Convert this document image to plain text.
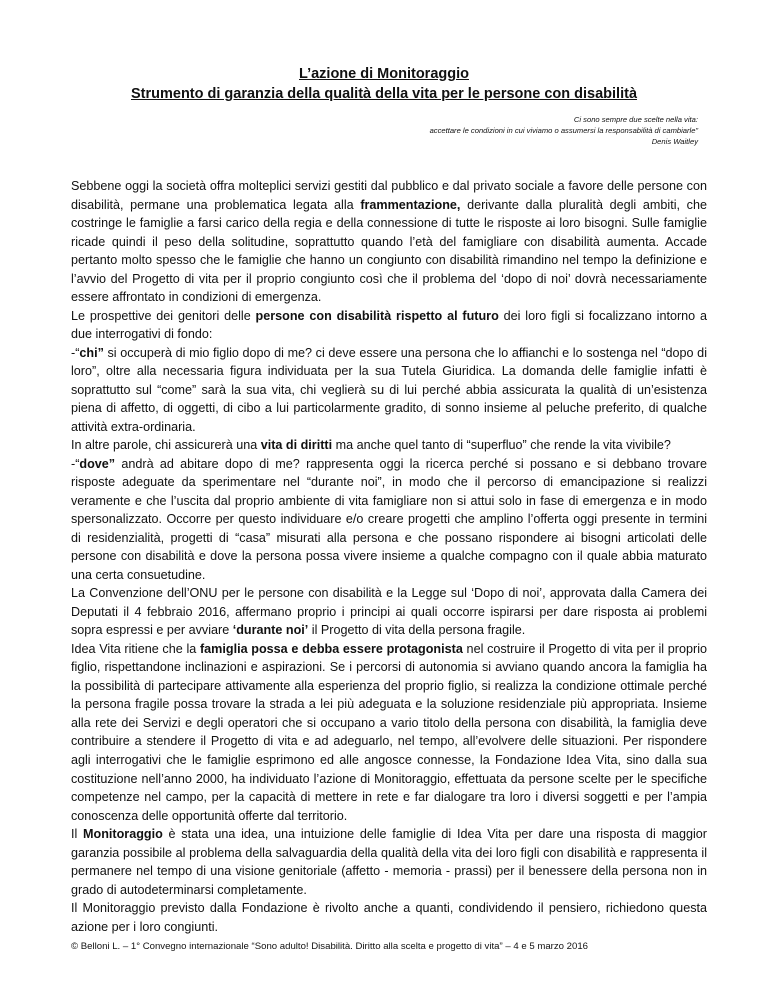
L’azione di Monitoraggio
Strumento di garanzia della qualità della vita per le persone con disabilità
Ci sono sempre due scelte nella vita:
accettare le condizioni in cui viviamo o assumersi la responsabilità di cambiarle”
Denis Waitley

Sebbene oggi la società offra molteplici servizi gestiti dal pubblico e dal privato sociale a favore delle persone con disabilità, permane una problematica legata alla frammentazione, derivante dalla pluralità degli ambiti, che costringe le famiglie a farsi carico della regia e della connessione di tutte le risposte ai loro bisogni. Sulle famiglie ricade quindi il peso della solitudine, soprattutto quando l’età del famigliare con disabilità aumenta. Accade pertanto molto spesso che le famiglie che hanno un congiunto con disabilità rimandino nel tempo la definizione e l’avvio del Progetto di vita per il proprio congiunto così che il problema del ‘dopo di noi’ dovrà necessariamente essere affrontato in condizioni di emergenza.

Le prospettive dei genitori delle persone con disabilità rispetto al futuro dei loro figli si focalizzano intorno a due interrogativi di fondo:

-“chi” si occuperà di mio figlio dopo di me? ci deve essere una persona che lo affianchi e lo sostenga nel “dopo di loro”, oltre alla necessaria figura individuata per la sua Tutela Giuridica. La domanda delle famiglie infatti è soprattutto sul “come” sarà la sua vita, chi veglierà su di lui perché abbia assicurata la qualità di un’esistenza piena di affetto, di oggetti, di cibo a lui particolarmente gradito, di sonno insieme al peluche preferito, di qualche attività extra-ordinaria.

In altre parole, chi assicurerà una vita di diritti ma anche quel tanto di “superfluo” che rende la vita vivibile?

-“dove” andrà ad abitare dopo di me? rappresenta oggi la ricerca perché si possano e si debbano trovare risposte adeguate da sperimentare nel “durante noi”, in modo che il percorso di emancipazione si realizzi veramente e che l’uscita dal proprio ambiente di vita famigliare non si attui solo in fase di emergenza e in modo spersonalizzato. Occorre per questo individuare e/o creare progetti che amplino l’offerta oggi presente in termini di residenzialità, progetti di “casa” misurati alla persona e che possano rispondere ai bisogni articolati delle persone con disabilità e dove la persona possa vivere insieme a qualche compagno con il quale abbia maturato una certa consuetudine.

La Convenzione dell’ONU per le persone con disabilità e la Legge sul ‘Dopo di noi’, approvata dalla Camera dei Deputati il 4 febbraio 2016, affermano proprio i principi ai quali occorre ispirarsi per dare risposta ai problemi sopra espressi e per avviare ‘durante noi’ il Progetto di vita della persona fragile.

Idea Vita ritiene che la famiglia possa e debba essere protagonista nel costruire il Progetto di vita per il proprio figlio, rispettandone inclinazioni e aspirazioni. Se i percorsi di autonomia si avviano quando ancora la famiglia ha la possibilità di partecipare attivamente alla esperienza del proprio figlio, si realizza la condizione ottimale perché la persona fragile possa trovare la strada a lei più adeguata e la soluzione residenziale più appropriata. Insieme alla rete dei Servizi e degli operatori che si occupano a vario titolo della persona con disabilità, la famiglia deve contribuire a stendere il Progetto di vita e ad adeguarlo, nel tempo, all’evolvere delle situazioni. Per rispondere agli interrogativi che le famiglie esprimono ed alle angosce connesse, la Fondazione Idea Vita, sino dalla sua costituzione nell’anno 2000, ha individuato l’azione di Monitoraggio, effettuata da persone scelte per le specifiche competenze nel campo, per la capacità di mettere in rete e far dialogare tra loro i diversi soggetti e per l’ampia conoscenza delle opportunità offerte dal territorio.

Il Monitoraggio è stata una idea, una intuizione delle famiglie di Idea Vita per dare una risposta di maggior garanzia possibile al problema della salvaguardia della qualità della vita dei loro figli con disabilità e rappresenta il permanere nel tempo di una visione genitoriale (affetto - memoria - prassi) per il benessere della persona non in grado di autodeterminarsi completamente.

Il Monitoraggio previsto dalla Fondazione è rivolto anche a quanti, condividendo il pensiero, richiedono questa azione per i loro congiunti.

© Belloni L. – 1° Convegno internazionale “Sono adulto! Disabilità. Diritto alla scelta e progetto di vita” – 4 e 5 marzo 2016
